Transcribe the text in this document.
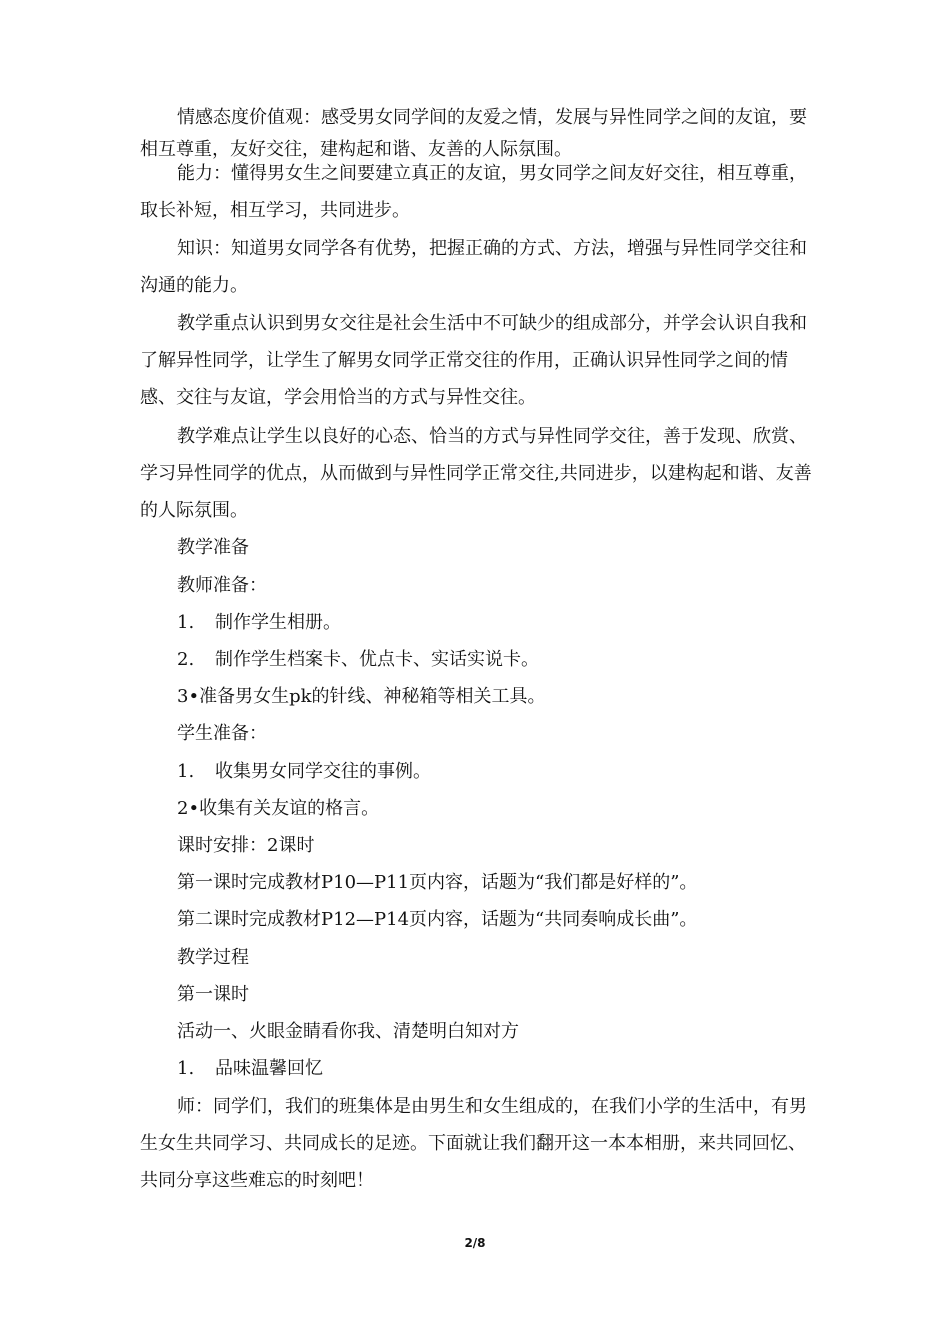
情感态度价值观：感受男女同学间的友爱之情，发展与异性同学之间的友谊，要相互尊重，友好交往，建构起和谐、友善的人际氛围。

能力：懂得男女生之间要建立真正的友谊，男女同学之间友好交往，相互尊重，取长补短，相互学习，共同进步。

知识：知道男女同学各有优势，把握正确的方式、方法，增强与异性同学交往和沟通的能力。

教学重点认识到男女交往是社会生活中不可缺少的组成部分，并学会认识自我和了解异性同学，让学生了解男女同学正常交往的作用，正确认识异性同学之间的情感、交往与友谊，学会用恰当的方式与异性交往。

教学难点让学生以良好的心态、恰当的方式与异性同学交往，善于发现、欣赏、学习异性同学的优点，从而做到与异性同学正常交往,共同进步，以建构起和谐、友善的人际氛围。

教学准备

教师准备：

1. 制作学生相册。

2. 制作学生档案卡、优点卡、实话实说卡。

3•准备男女生pk的针线、神秘箱等相关工具。

学生准备：

1. 收集男女同学交往的事例。

2•收集有关友谊的格言。

课时安排：2课时

第一课时完成教材P10—P11页内容，话题为“我们都是好样的”。

第二课时完成教材P12—P14页内容，话题为“共同奏响成长曲”。

教学过程

第一课时

活动一、火眼金睛看你我、清楚明白知对方

1. 品味温馨回忆

师：同学们，我们的班集体是由男生和女生组成的，在我们小学的生活中，有男生女生共同学习、共同成长的足迹。下面就让我们翻开这一本本相册，来共同回忆、共同分享这些难忘的时刻吧！

2/8
